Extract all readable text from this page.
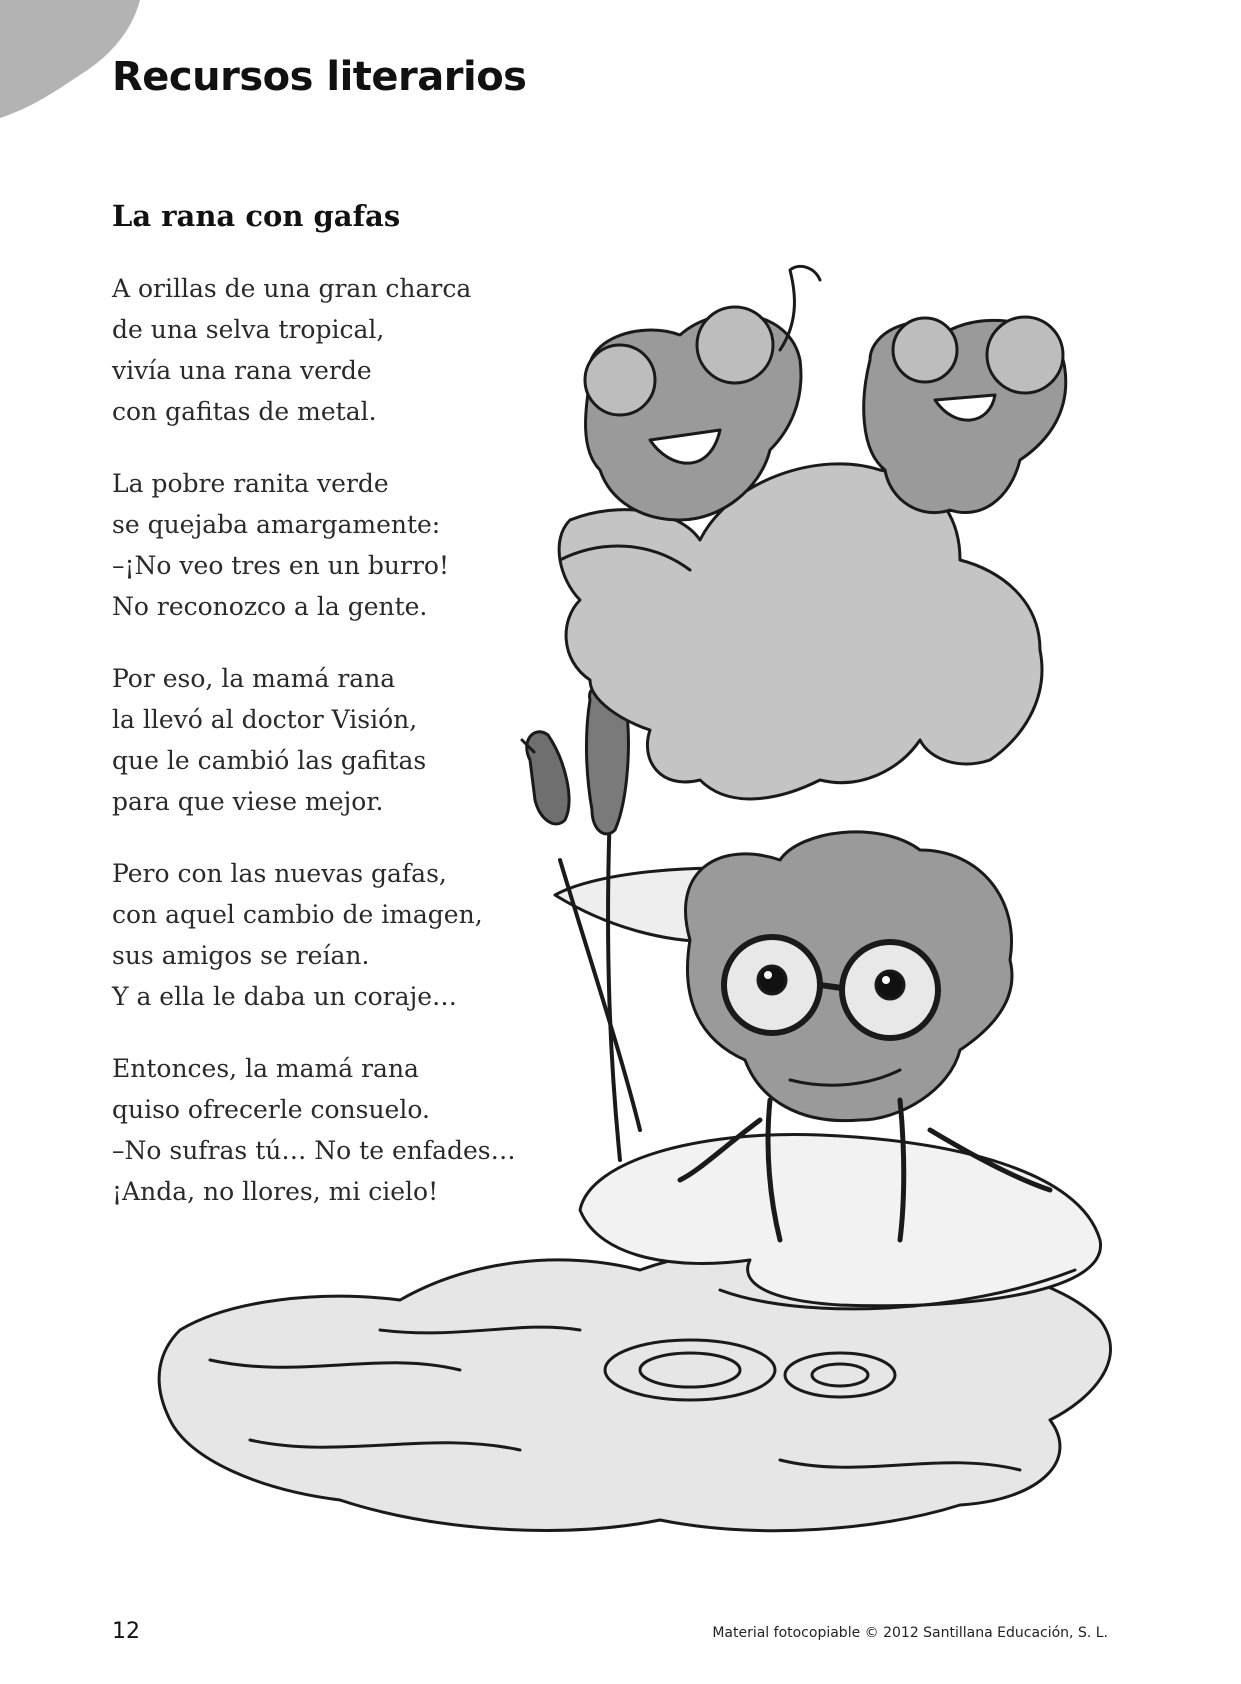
Recursos literarios
La rana con gafas
A orillas de una gran charca
de una selva tropical,
vivía una rana verde
con gafitas de metal.
La pobre ranita verde
se quejaba amargamente:
–¡No veo tres en un burro!
No reconozco a la gente.
Por eso, la mamá rana
la llevó al doctor Visión,
que le cambió las gafitas
para que viese mejor.
Pero con las nuevas gafas,
con aquel cambio de imagen,
sus amigos se reían.
Y a ella le daba un coraje…
Entonces, la mamá rana
quiso ofrecerle consuelo.
–No sufras tú… No te enfades…
¡Anda, no llores, mi cielo!
12	Material fotocopiable © 2012 Santillana Educación, S. L.
